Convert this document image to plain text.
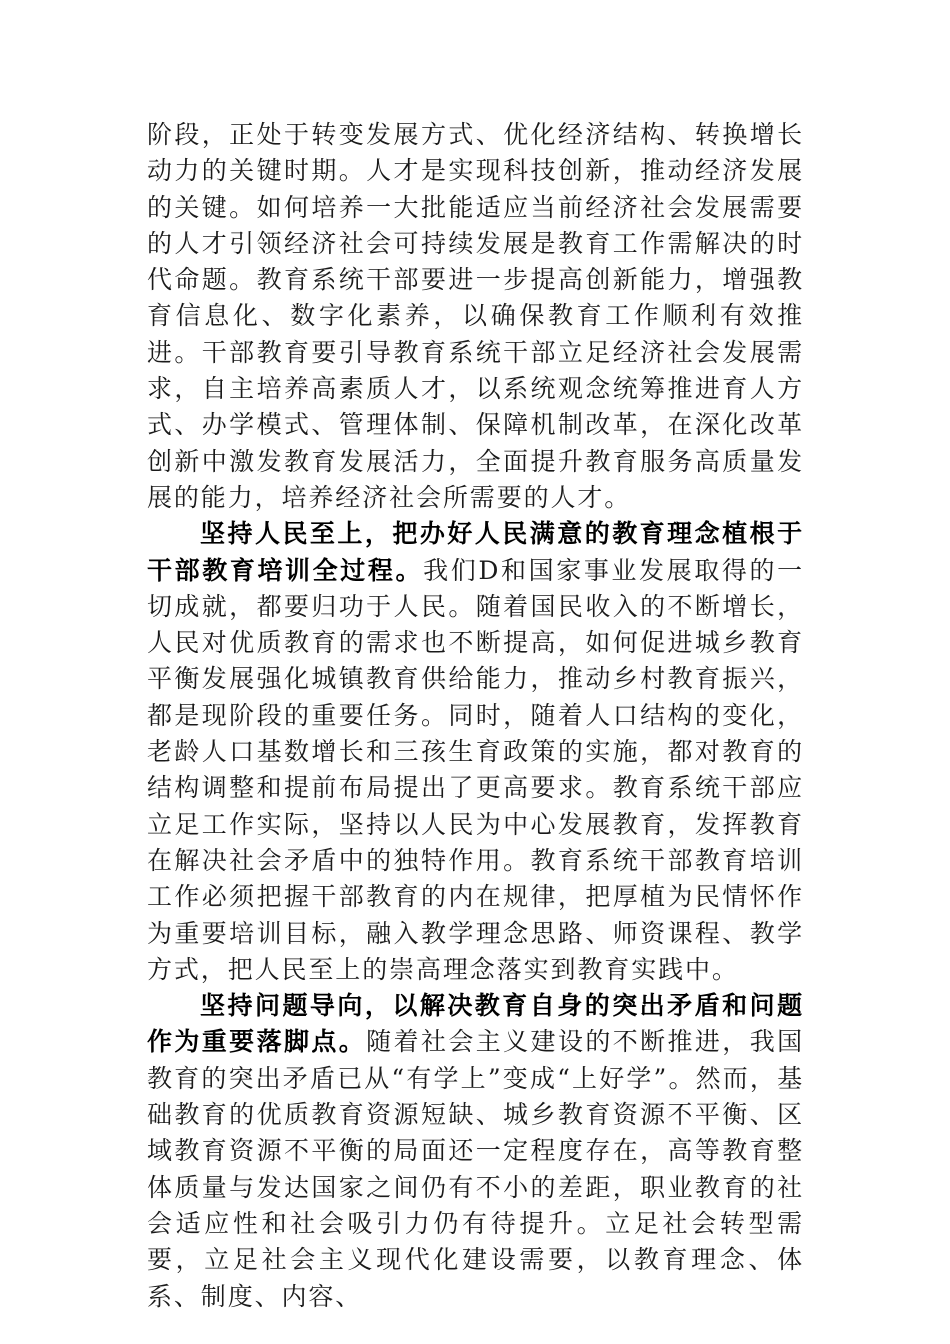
阶段，正处于转变发展方式、优化经济结构、转换增长动力的关键时期。人才是实现科技创新，推动经济发展的关键。如何培养一大批能适应当前经济社会发展需要的人才引领经济社会可持续发展是教育工作需解决的时代命题。教育系统干部要进一步提高创新能力，增强教育信息化、数字化素养，以确保教育工作顺利有效推进。干部教育要引导教育系统干部立足经济社会发展需求，自主培养高素质人才，以系统观念统筹推进育人方式、办学模式、管理体制、保障机制改革，在深化改革创新中激发教育发展活力，全面提升教育服务高质量发展的能力，培养经济社会所需要的人才。

坚持人民至上，把办好人民满意的教育理念植根于干部教育培训全过程。我们D和国家事业发展取得的一切成就，都要归功于人民。随着国民收入的不断增长，人民对优质教育的需求也不断提高，如何促进城乡教育平衡发展强化城镇教育供给能力，推动乡村教育振兴，都是现阶段的重要任务。同时，随着人口结构的变化，老龄人口基数增长和三孩生育政策的实施，都对教育的结构调整和提前布局提出了更高要求。教育系统干部应立足工作实际，坚持以人民为中心发展教育，发挥教育在解决社会矛盾中的独特作用。教育系统干部教育培训工作必须把握干部教育的内在规律，把厚植为民情怀作为重要培训目标，融入教学理念思路、师资课程、教学方式，把人民至上的崇高理念落实到教育实践中。

坚持问题导向，以解决教育自身的突出矛盾和问题作为重要落脚点。随着社会主义建设的不断推进，我国教育的突出矛盾已从“有学上”变成“上好学”。然而，基础教育的优质教育资源短缺、城乡教育资源不平衡、区域教育资源不平衡的局面还一定程度存在，高等教育整体质量与发达国家之间仍有不小的差距，职业教育的社会适应性和社会吸引力仍有待提升。立足社会转型需要，立足社会主义现代化建设需要，以教育理念、体系、制度、内容、
